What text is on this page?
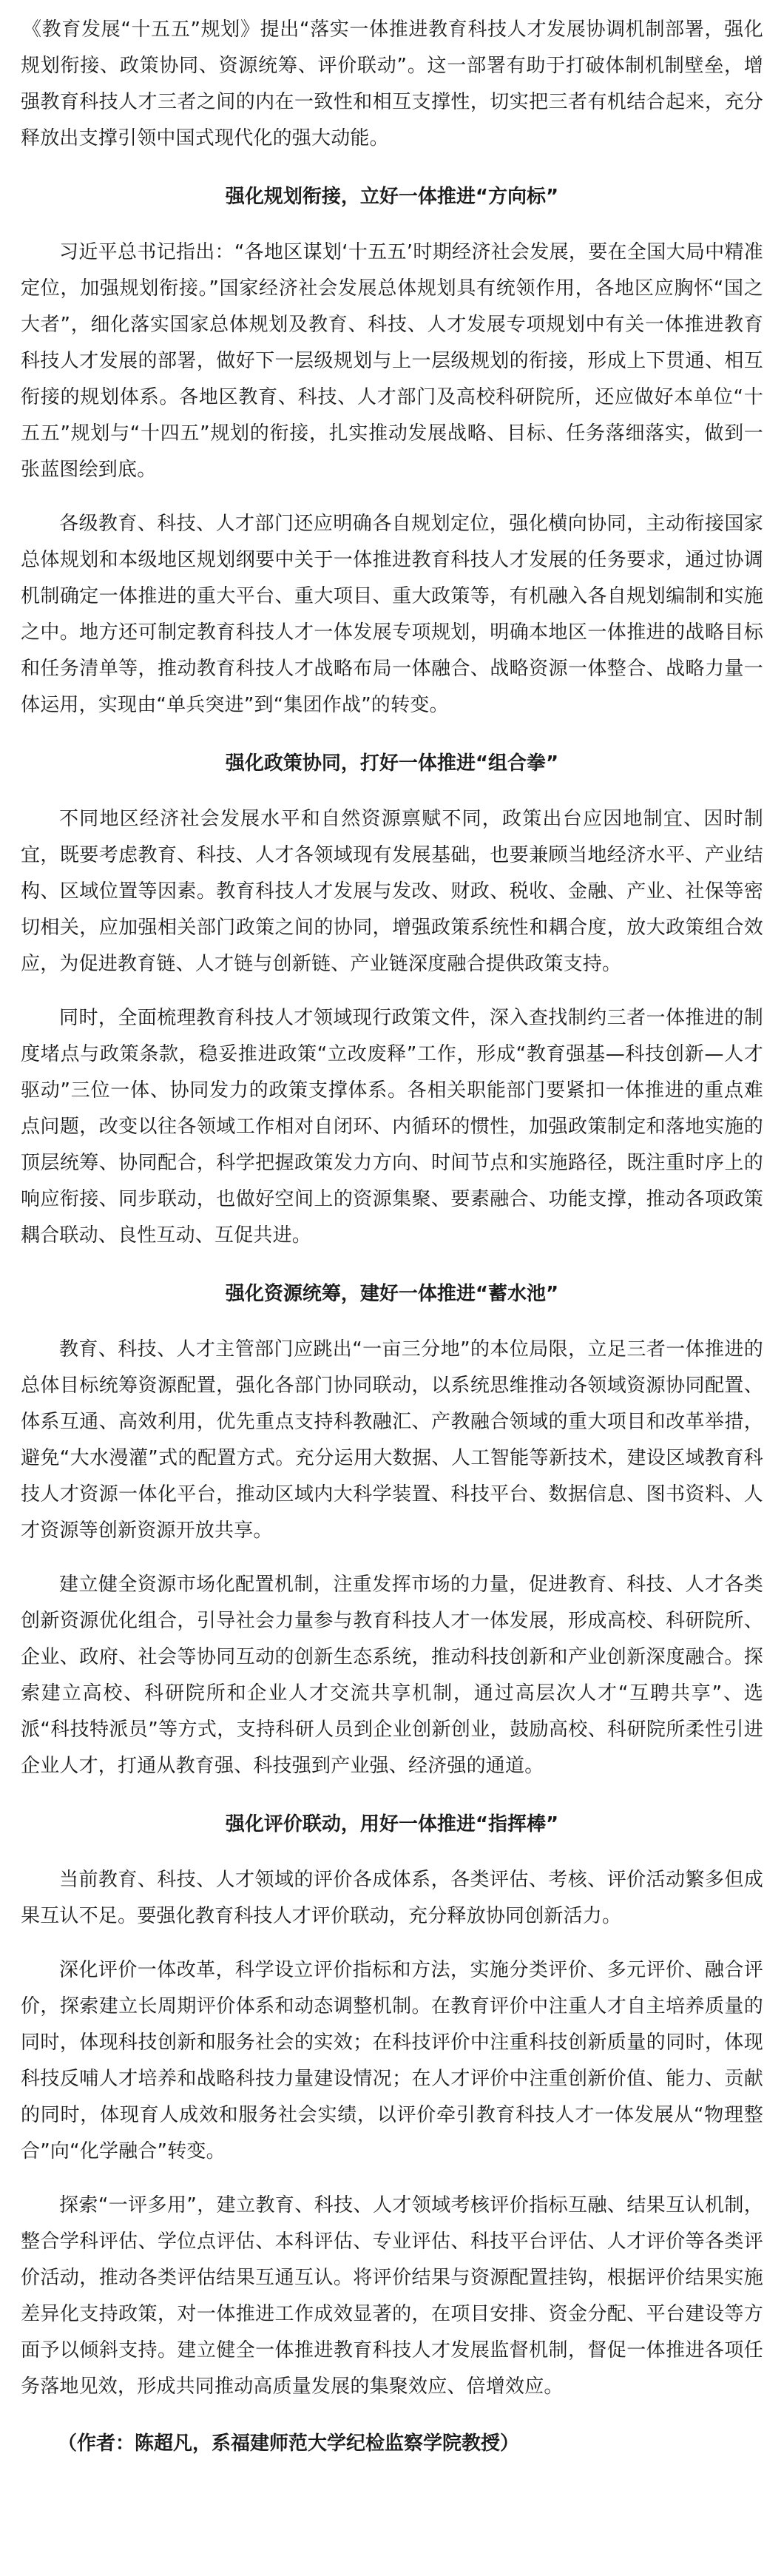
《教育发展“十五五”规划》提出“落实一体推进教育科技人才发展协调机制部署，强化规划衔接、政策协同、资源统筹、评价联动”。这一部署有助于打破体制机制壁垒，增强教育科技人才三者之间的内在一致性和相互支撑性，切实把三者有机结合起来，充分释放出支撑引领中国式现代化的强大动能。

强化规划衔接，立好一体推进“方向标”

习近平总书记指出：“各地区谋划‘十五五’时期经济社会发展，要在全国大局中精准定位，加强规划衔接。”国家经济社会发展总体规划具有统领作用，各地区应胸怀“国之大者”，细化落实国家总体规划及教育、科技、人才发展专项规划中有关一体推进教育科技人才发展的部署，做好下一层级规划与上一层级规划的衔接，形成上下贯通、相互衔接的规划体系。各地区教育、科技、人才部门及高校科研院所，还应做好本单位“十五五”规划与“十四五”规划的衔接，扎实推动发展战略、目标、任务落细落实，做到一张蓝图绘到底。

各级教育、科技、人才部门还应明确各自规划定位，强化横向协同，主动衔接国家总体规划和本级地区规划纲要中关于一体推进教育科技人才发展的任务要求，通过协调机制确定一体推进的重大平台、重大项目、重大政策等，有机融入各自规划编制和实施之中。地方还可制定教育科技人才一体发展专项规划，明确本地区一体推进的战略目标和任务清单等，推动教育科技人才战略布局一体融合、战略资源一体整合、战略力量一体运用，实现由“单兵突进”到“集团作战”的转变。

强化政策协同，打好一体推进“组合拳”

不同地区经济社会发展水平和自然资源禀赋不同，政策出台应因地制宜、因时制宜，既要考虑教育、科技、人才各领域现有发展基础，也要兼顾当地经济水平、产业结构、区域位置等因素。教育科技人才发展与发改、财政、税收、金融、产业、社保等密切相关，应加强相关部门政策之间的协同，增强政策系统性和耦合度，放大政策组合效应，为促进教育链、人才链与创新链、产业链深度融合提供政策支持。

同时，全面梳理教育科技人才领域现行政策文件，深入查找制约三者一体推进的制度堵点与政策条款，稳妥推进政策“立改废释”工作，形成“教育强基—科技创新—人才驱动”三位一体、协同发力的政策支撑体系。各相关职能部门要紧扣一体推进的重点难点问题，改变以往各领域工作相对自闭环、内循环的惯性，加强政策制定和落地实施的顶层统筹、协同配合，科学把握政策发力方向、时间节点和实施路径，既注重时序上的响应衔接、同步联动，也做好空间上的资源集聚、要素融合、功能支撑，推动各项政策耦合联动、良性互动、互促共进。

强化资源统筹，建好一体推进“蓄水池”

教育、科技、人才主管部门应跳出“一亩三分地”的本位局限，立足三者一体推进的总体目标统筹资源配置，强化各部门协同联动，以系统思维推动各领域资源协同配置、体系互通、高效利用，优先重点支持科教融汇、产教融合领域的重大项目和改革举措，避免“大水漫灌”式的配置方式。充分运用大数据、人工智能等新技术，建设区域教育科技人才资源一体化平台，推动区域内大科学装置、科技平台、数据信息、图书资料、人才资源等创新资源开放共享。

建立健全资源市场化配置机制，注重发挥市场的力量，促进教育、科技、人才各类创新资源优化组合，引导社会力量参与教育科技人才一体发展，形成高校、科研院所、企业、政府、社会等协同互动的创新生态系统，推动科技创新和产业创新深度融合。探索建立高校、科研院所和企业人才交流共享机制，通过高层次人才“互聘共享”、选派“科技特派员”等方式，支持科研人员到企业创新创业，鼓励高校、科研院所柔性引进企业人才，打通从教育强、科技强到产业强、经济强的通道。

强化评价联动，用好一体推进“指挥棒”

当前教育、科技、人才领域的评价各成体系，各类评估、考核、评价活动繁多但成果互认不足。要强化教育科技人才评价联动，充分释放协同创新活力。

深化评价一体改革，科学设立评价指标和方法，实施分类评价、多元评价、融合评价，探索建立长周期评价体系和动态调整机制。在教育评价中注重人才自主培养质量的同时，体现科技创新和服务社会的实效；在科技评价中注重科技创新质量的同时，体现科技反哺人才培养和战略科技力量建设情况；在人才评价中注重创新价值、能力、贡献的同时，体现育人成效和服务社会实绩，以评价牵引教育科技人才一体发展从“物理整合”向“化学融合”转变。

探索“一评多用”，建立教育、科技、人才领域考核评价指标互融、结果互认机制，整合学科评估、学位点评估、本科评估、专业评估、科技平台评估、人才评价等各类评价活动，推动各类评估结果互通互认。将评价结果与资源配置挂钩，根据评价结果实施差异化支持政策，对一体推进工作成效显著的，在项目安排、资金分配、平台建设等方面予以倾斜支持。建立健全一体推进教育科技人才发展监督机制，督促一体推进各项任务落地见效，形成共同推动高质量发展的集聚效应、倍增效应。

（作者：陈超凡，系福建师范大学纪检监察学院教授）
